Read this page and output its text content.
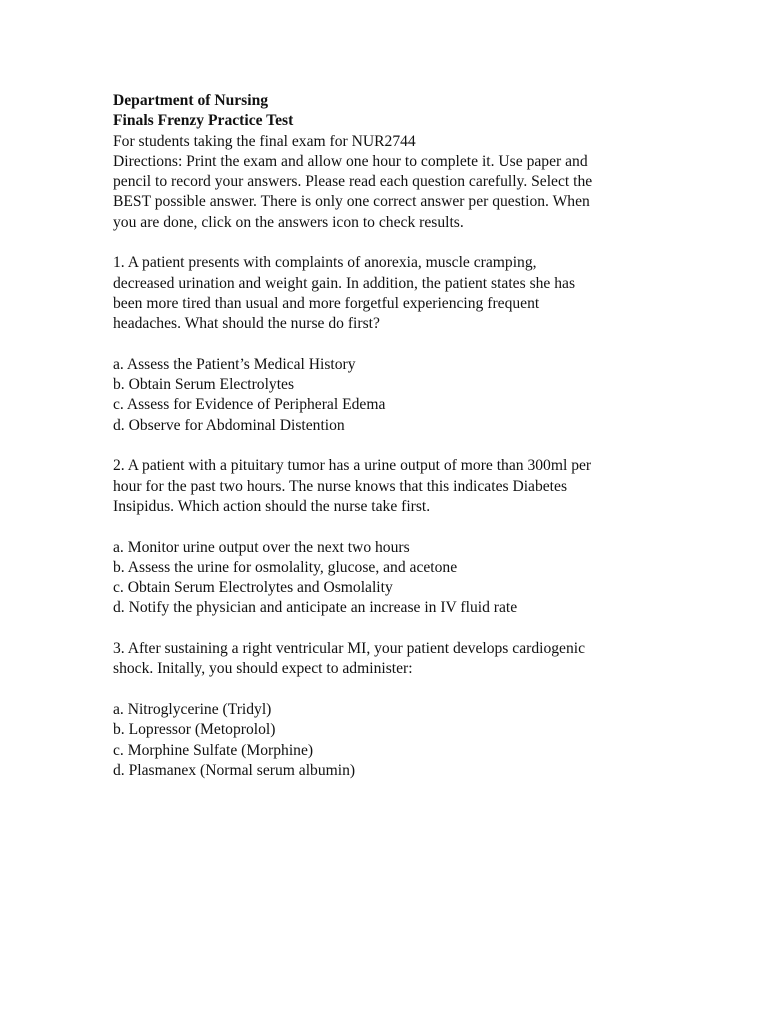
Department of Nursing
Finals Frenzy Practice Test
For students taking the final exam for NUR2744
Directions: Print the exam and allow one hour to complete it. Use paper and
pencil to record your answers. Please read each question carefully. Select the
BEST possible answer. There is only one correct answer per question. When
you are done, click on the answers icon to check results.
1. A patient presents with complaints of anorexia, muscle cramping,
decreased urination and weight gain. In addition, the patient states she has
been more tired than usual and more forgetful experiencing frequent
headaches. What should the nurse do first?
a. Assess the Patient’s Medical History
b. Obtain Serum Electrolytes
c. Assess for Evidence of Peripheral Edema
d. Observe for Abdominal Distention
2. A patient with a pituitary tumor has a urine output of more than 300ml per
hour for the past two hours. The nurse knows that this indicates Diabetes
Insipidus. Which action should the nurse take first.
a. Monitor urine output over the next two hours
b. Assess the urine for osmolality, glucose, and acetone
c. Obtain Serum Electrolytes and Osmolality
d. Notify the physician and anticipate an increase in IV fluid rate
3. After sustaining a right ventricular MI, your patient develops cardiogenic
shock. Initally, you should expect to administer:
a. Nitroglycerine (Tridyl)
b. Lopressor (Metoprolol)
c. Morphine Sulfate (Morphine)
d. Plasmanex (Normal serum albumin)
